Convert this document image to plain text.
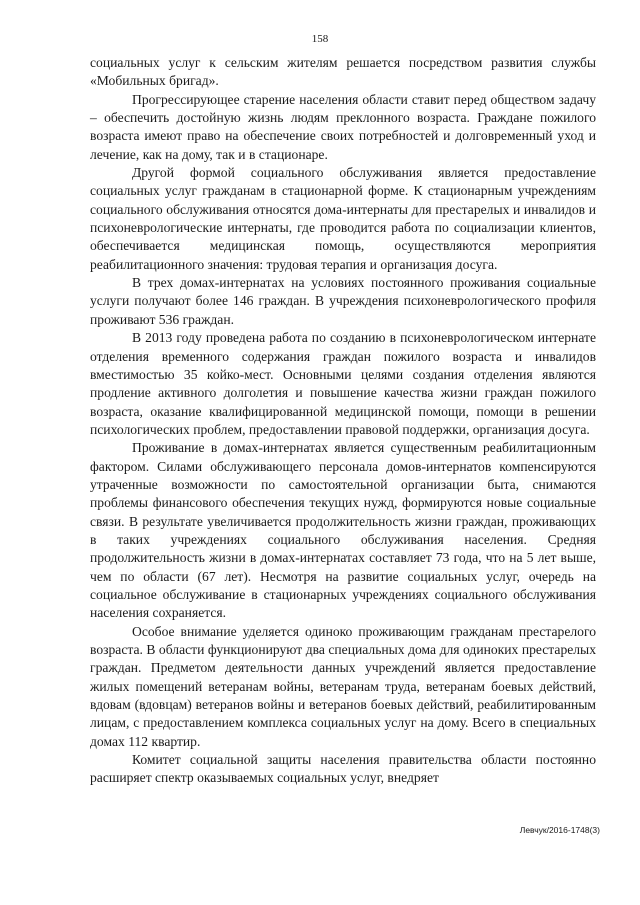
158

социальных услуг к сельским жителям решается посредством развития службы «Мобильных бригад».

Прогрессирующее старение населения области ставит перед обществом задачу – обеспечить достойную жизнь людям преклонного возраста. Граждане пожилого возраста имеют право на обеспечение своих потребностей и долговременный уход и лечение, как на дому, так и в стационаре.

Другой формой социального обслуживания является предоставление социальных услуг гражданам в стационарной форме. К стационарным учреждениям социального обслуживания относятся дома-интернаты для престарелых и инвалидов и психоневрологические интернаты, где проводится работа по социализации клиентов, обеспечивается медицинская помощь, осуществляются мероприятия реабилитационного значения: трудовая терапия и организация досуга.

В трех домах-интернатах на условиях постоянного проживания социальные услуги получают более 146 граждан. В учреждения психоневрологического профиля проживают 536 граждан.

В 2013 году проведена работа по созданию в психоневрологическом интернате отделения временного содержания граждан пожилого возраста и инвалидов вместимостью 35 койко-мест. Основными целями создания отделения являются продление активного долголетия и повышение качества жизни граждан пожилого возраста, оказание квалифицированной медицинской помощи, помощи в решении психологических проблем, предоставлении правовой поддержки, организация досуга.

Проживание в домах-интернатах является существенным реабилитационным фактором. Силами обслуживающего персонала домов-интернатов компенсируются утраченные возможности по самостоятельной организации быта, снимаются проблемы финансового обеспечения текущих нужд, формируются новые социальные связи. В результате увеличивается продолжительность жизни граждан, проживающих в таких учреждениях социального обслуживания населения. Средняя продолжительность жизни в домах-интернатах составляет 73 года, что на 5 лет выше, чем по области (67 лет). Несмотря на развитие социальных услуг, очередь на социальное обслуживание в стационарных учреждениях социального обслуживания населения сохраняется.

Особое внимание уделяется одиноко проживающим гражданам престарелого возраста. В области функционируют два специальных дома для одиноких престарелых граждан. Предметом деятельности данных учреждений является предоставление жилых помещений ветеранам войны, ветеранам труда, ветеранам боевых действий, вдовам (вдовцам) ветеранов войны и ветеранов боевых действий, реабилитированным лицам, с предоставлением комплекса социальных услуг на дому. Всего в специальных домах 112 квартир.

Комитет социальной защиты населения правительства области постоянно расширяет спектр оказываемых социальных услуг, внедряет

Левчук/2016-1748(3)
